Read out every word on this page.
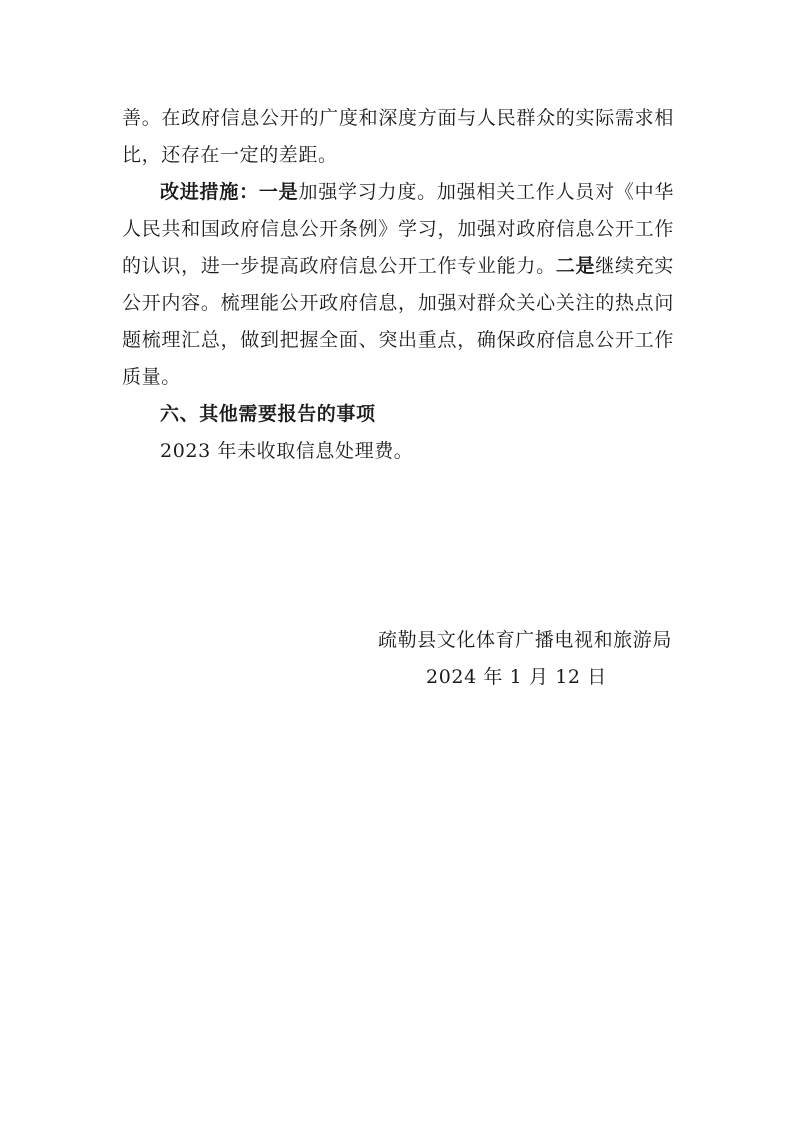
善。在政府信息公开的广度和深度方面与人民群众的实际需求相比，还存在一定的差距。

改进措施：一是加强学习力度。加强相关工作人员对《中华人民共和国政府信息公开条例》学习，加强对政府信息公开工作的认识，进一步提高政府信息公开工作专业能力。二是继续充实公开内容。梳理能公开政府信息，加强对群众关心关注的热点问题梳理汇总，做到把握全面、突出重点，确保政府信息公开工作质量。

六、其他需要报告的事项

2023 年未收取信息处理费。

疏勒县文化体育广播电视和旅游局
2024 年 1 月 12 日
